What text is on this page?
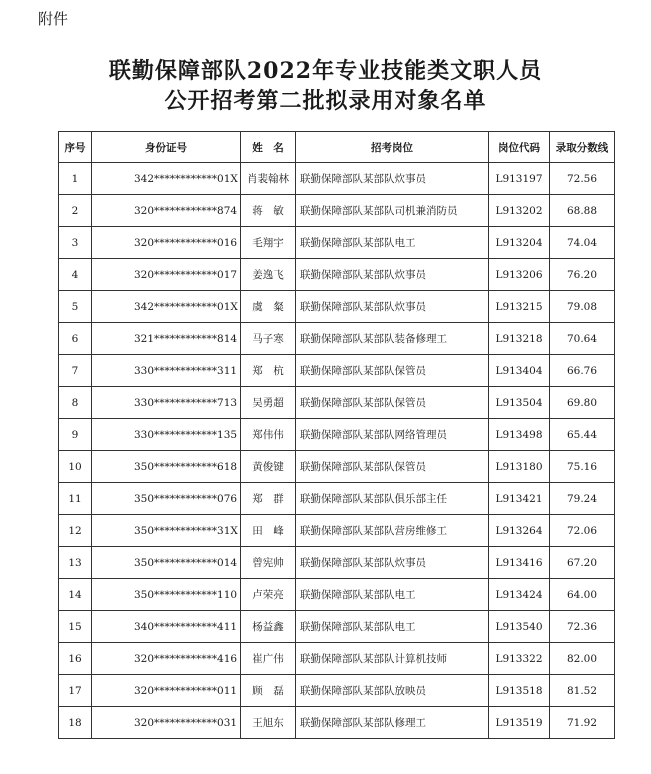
附件
联勤保障部队2022年专业技能类文职人员
公开招考第二批拟录用对象名单
序号	身份证号	姓　名	招考岗位	岗位代码	录取分数线
1	342************01X	肖裴翰林	联勤保障部队某部队炊事员	L913197	72.56
2	320************874	蒋　敏	联勤保障部队某部队司机兼消防员	L913202	68.88
3	320************016	毛翔宇	联勤保障部队某部队电工	L913204	74.04
4	320************017	姜逸飞	联勤保障部队某部队炊事员	L913206	76.20
5	342************01X	虞　粲	联勤保障部队某部队炊事员	L913215	79.08
6	321************814	马子寒	联勤保障部队某部队装备修理工	L913218	70.64
7	330************311	郑　杭	联勤保障部队某部队保管员	L913404	66.76
8	330************713	吴勇超	联勤保障部队某部队保管员	L913504	69.80
9	330************135	郑伟伟	联勤保障部队某部队网络管理员	L913498	65.44
10	350************618	黄俊键	联勤保障部队某部队保管员	L913180	75.16
11	350************076	郑　群	联勤保障部队某部队俱乐部主任	L913421	79.24
12	350************31X	田　峰	联勤保障部队某部队营房维修工	L913264	72.06
13	350************014	曾宪帅	联勤保障部队某部队炊事员	L913416	67.20
14	350************110	卢荣亮	联勤保障部队某部队电工	L913424	64.00
15	340************411	杨益鑫	联勤保障部队某部队电工	L913540	72.36
16	320************416	崔广伟	联勤保障部队某部队计算机技师	L913322	82.00
17	320************011	顾　磊	联勤保障部队某部队放映员	L913518	81.52
18	320************031	王旭东	联勤保障部队某部队修理工	L913519	71.92
